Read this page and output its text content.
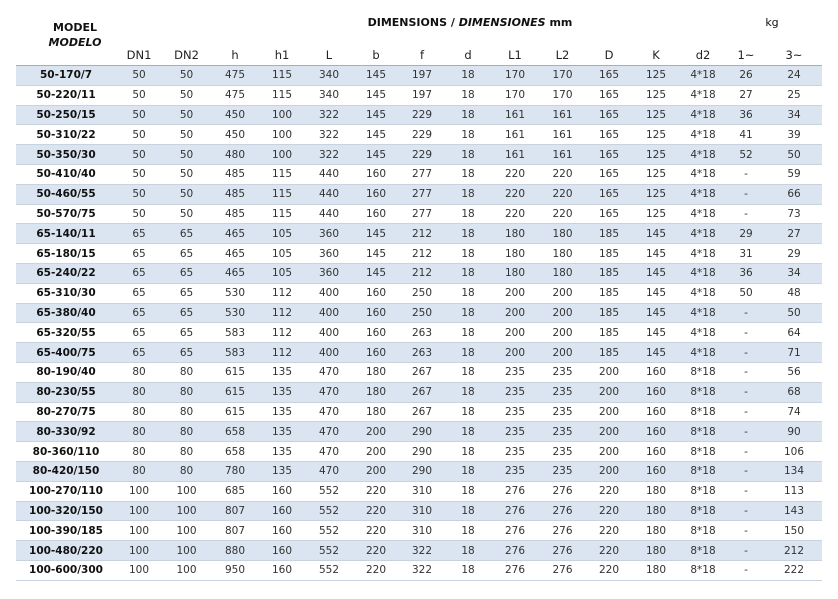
MODEL
MODELO
DIMENSIONS / DIMENSIONES mm	kg
	DN1	DN2	h	h1	L	b	f	d	L1	L2	D	K	d2	1~	3~
50-170/7	50	50	475	115	340	145	197	18	170	170	165	125	4*18	26	24
50-220/11	50	50	475	115	340	145	197	18	170	170	165	125	4*18	27	25
50-250/15	50	50	450	100	322	145	229	18	161	161	165	125	4*18	36	34
50-310/22	50	50	450	100	322	145	229	18	161	161	165	125	4*18	41	39
50-350/30	50	50	480	100	322	145	229	18	161	161	165	125	4*18	52	50
50-410/40	50	50	485	115	440	160	277	18	220	220	165	125	4*18	-	59
50-460/55	50	50	485	115	440	160	277	18	220	220	165	125	4*18	-	66
50-570/75	50	50	485	115	440	160	277	18	220	220	165	125	4*18	-	73
65-140/11	65	65	465	105	360	145	212	18	180	180	185	145	4*18	29	27
65-180/15	65	65	465	105	360	145	212	18	180	180	185	145	4*18	31	29
65-240/22	65	65	465	105	360	145	212	18	180	180	185	145	4*18	36	34
65-310/30	65	65	530	112	400	160	250	18	200	200	185	145	4*18	50	48
65-380/40	65	65	530	112	400	160	250	18	200	200	185	145	4*18	-	50
65-320/55	65	65	583	112	400	160	263	18	200	200	185	145	4*18	-	64
65-400/75	65	65	583	112	400	160	263	18	200	200	185	145	4*18	-	71
80-190/40	80	80	615	135	470	180	267	18	235	235	200	160	8*18	-	56
80-230/55	80	80	615	135	470	180	267	18	235	235	200	160	8*18	-	68
80-270/75	80	80	615	135	470	180	267	18	235	235	200	160	8*18	-	74
80-330/92	80	80	658	135	470	200	290	18	235	235	200	160	8*18	-	90
80-360/110	80	80	658	135	470	200	290	18	235	235	200	160	8*18	-	106
80-420/150	80	80	780	135	470	200	290	18	235	235	200	160	8*18	-	134
100-270/110	100	100	685	160	552	220	310	18	276	276	220	180	8*18	-	113
100-320/150	100	100	807	160	552	220	310	18	276	276	220	180	8*18	-	143
100-390/185	100	100	807	160	552	220	310	18	276	276	220	180	8*18	-	150
100-480/220	100	100	880	160	552	220	322	18	276	276	220	180	8*18	-	212
100-600/300	100	100	950	160	552	220	322	18	276	276	220	180	8*18	-	222
